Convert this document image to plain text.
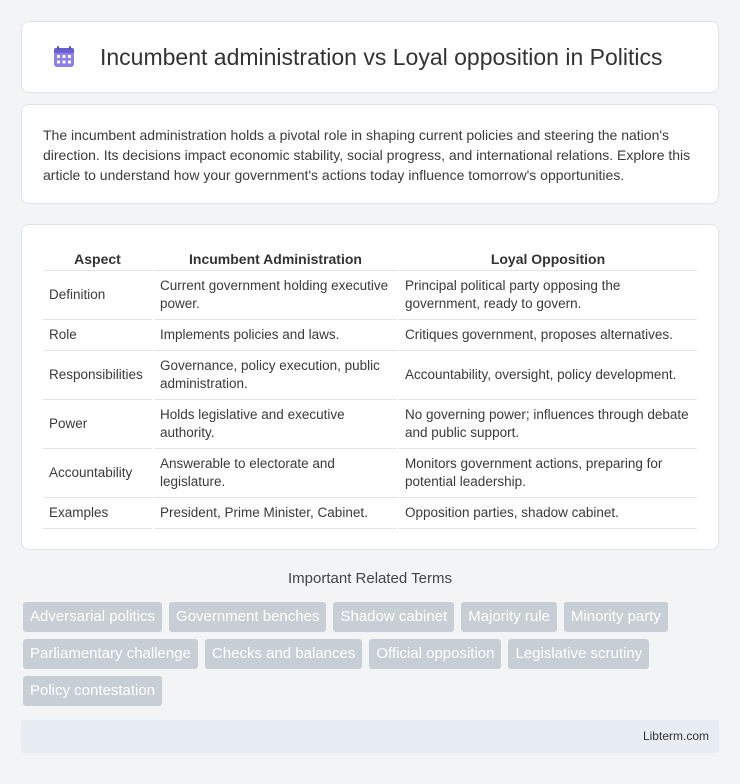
Incumbent administration vs Loyal opposition in Politics

The incumbent administration holds a pivotal role in shaping current policies and steering the nation's direction. Its decisions impact economic stability, social progress, and international relations. Explore this article to understand how your government's actions today influence tomorrow's opportunities.

Aspect	Incumbent Administration	Loyal Opposition
Definition	Current government holding executive power.	Principal political party opposing the government, ready to govern.
Role	Implements policies and laws.	Critiques government, proposes alternatives.
Responsibilities	Governance, policy execution, public administration.	Accountability, oversight, policy development.
Power	Holds legislative and executive authority.	No governing power; influences through debate and public support.
Accountability	Answerable to electorate and legislature.	Monitors government actions, preparing for potential leadership.
Examples	President, Prime Minister, Cabinet.	Opposition parties, shadow cabinet.
Important Related Terms
Adversarial politics	Government benches	Shadow cabinet	Majority rule	Minority party
Parliamentary challenge	Checks and balances	Official opposition	Legislative scrutiny
Policy contestation
Libterm.com
